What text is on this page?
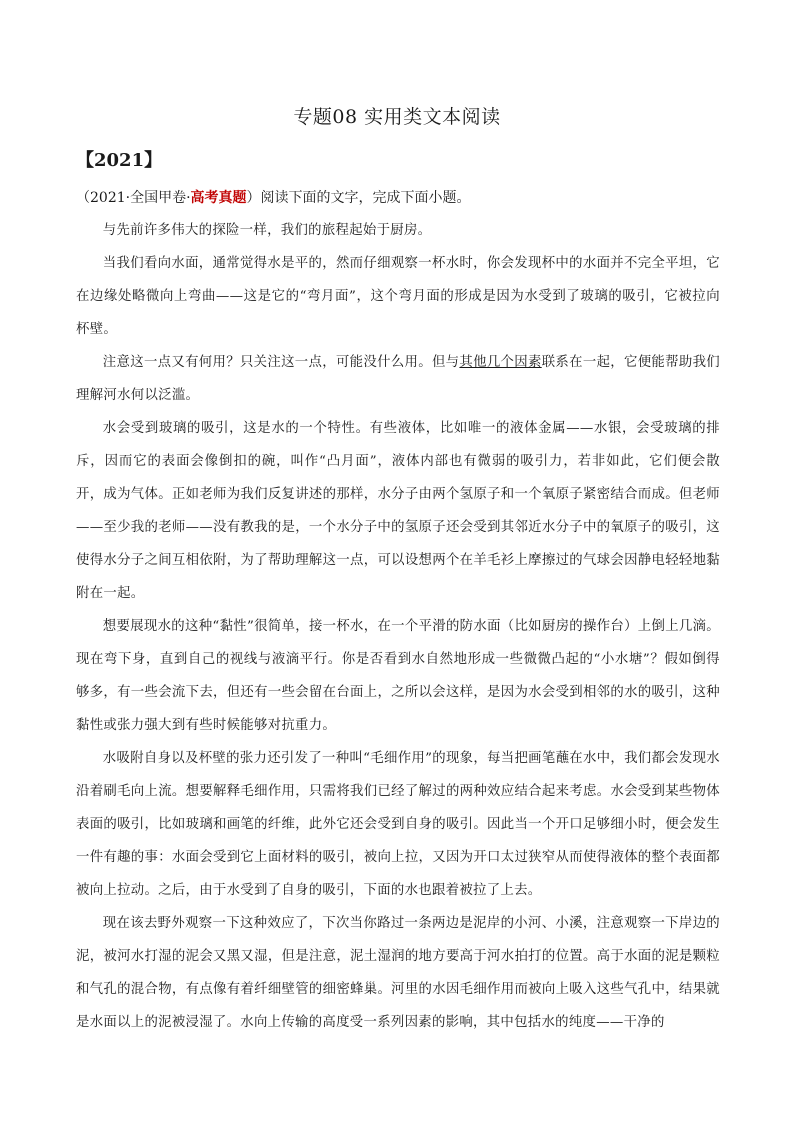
专题08 实用类文本阅读
【2021】
（2021·全国甲卷·高考真题）阅读下面的文字，完成下面小题。

与先前许多伟大的探险一样，我们的旅程起始于厨房。

当我们看向水面，通常觉得水是平的，然而仔细观察一杯水时，你会发现杯中的水面并不完全平坦，它在边缘处略微向上弯曲——这是它的“弯月面”，这个弯月面的形成是因为水受到了玻璃的吸引，它被拉向杯壁。

注意这一点又有何用？只关注这一点，可能没什么用。但与其他几个因素联系在一起，它便能帮助我们理解河水何以泛滥。

水会受到玻璃的吸引，这是水的一个特性。有些液体，比如唯一的液体金属——水银，会受玻璃的排斥，因而它的表面会像倒扣的碗，叫作“凸月面”，液体内部也有微弱的吸引力，若非如此，它们便会散开，成为气体。正如老师为我们反复讲述的那样，水分子由两个氢原子和一个氧原子紧密结合而成。但老师——至少我的老师——没有教我的是，一个水分子中的氢原子还会受到其邻近水分子中的氧原子的吸引，这使得水分子之间互相依附，为了帮助理解这一点，可以设想两个在羊毛衫上摩擦过的气球会因静电轻轻地黏附在一起。

想要展现水的这种“黏性”很简单，接一杯水，在一个平滑的防水面（比如厨房的操作台）上倒上几滴。现在弯下身，直到自己的视线与液滴平行。你是否看到水自然地形成一些微微凸起的“小水塘”？假如倒得够多，有一些会流下去，但还有一些会留在台面上，之所以会这样，是因为水会受到相邻的水的吸引，这种黏性或张力强大到有些时候能够对抗重力。

水吸附自身以及杯壁的张力还引发了一种叫“毛细作用”的现象，每当把画笔蘸在水中，我们都会发现水沿着刷毛向上流。想要解释毛细作用，只需将我们已经了解过的两种效应结合起来考虑。水会受到某些物体表面的吸引，比如玻璃和画笔的纤维，此外它还会受到自身的吸引。因此当一个开口足够细小时，便会发生一件有趣的事：水面会受到它上面材料的吸引，被向上拉，又因为开口太过狭窄从而使得液体的整个表面都被向上拉动。之后，由于水受到了自身的吸引，下面的水也跟着被拉了上去。

现在该去野外观察一下这种效应了，下次当你路过一条两边是泥岸的小河、小溪，注意观察一下岸边的泥，被河水打湿的泥会又黑又湿，但是注意，泥土湿润的地方要高于河水拍打的位置。高于水面的泥是颗粒和气孔的混合物，有点像有着纤细壁管的细密蜂巢。河里的水因毛细作用而被向上吸入这些气孔中，结果就是水面以上的泥被浸湿了。水向上传输的高度受一系列因素的影响，其中包括水的纯度——干净的
